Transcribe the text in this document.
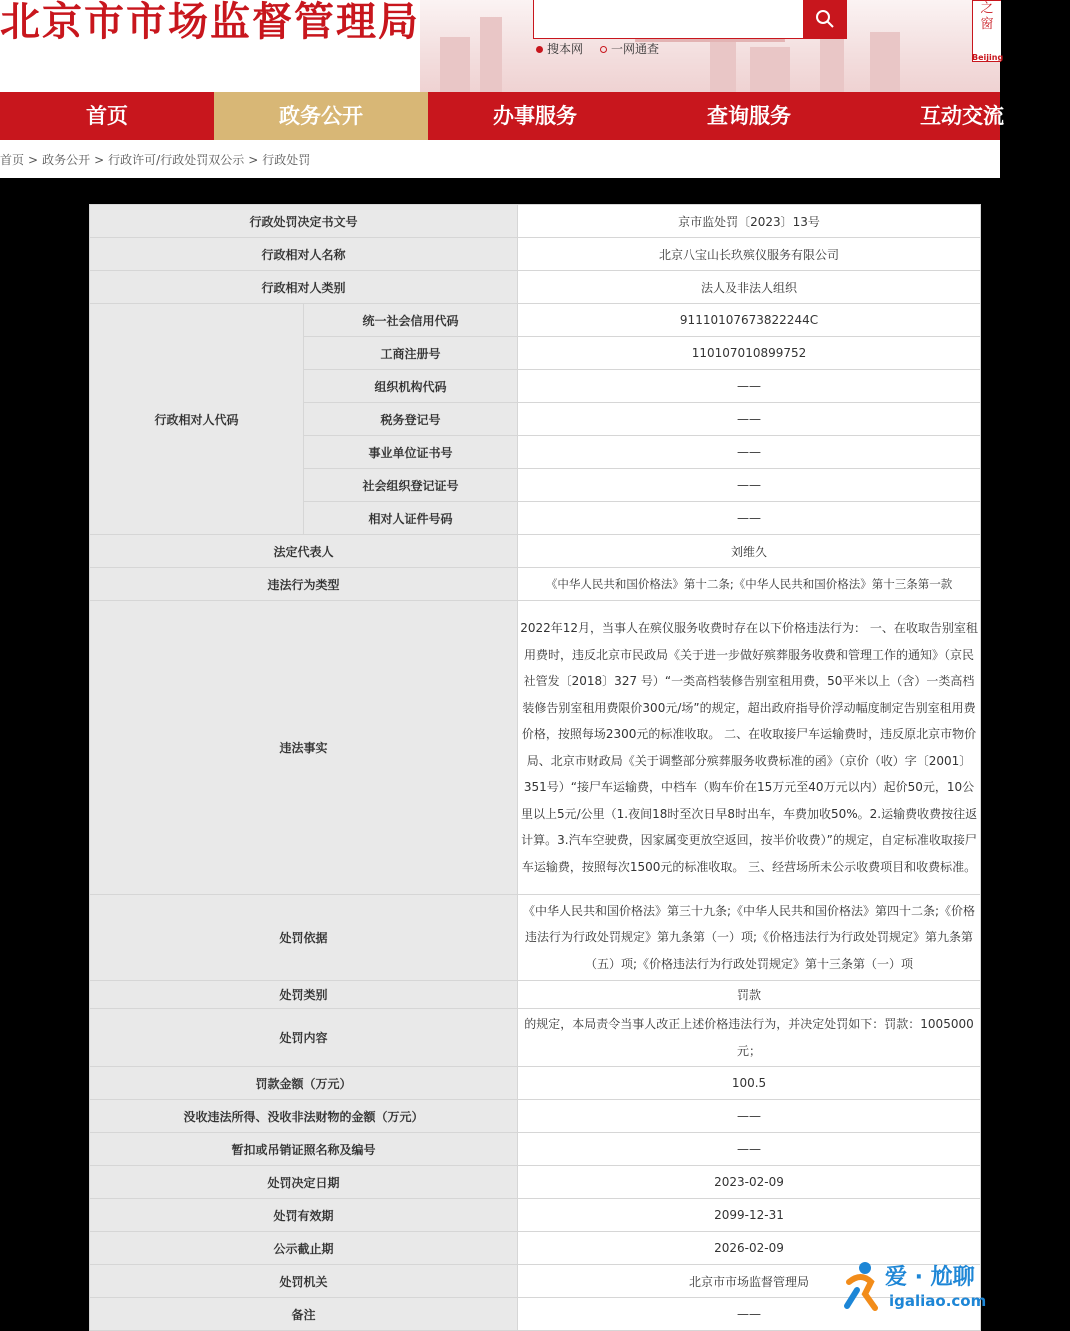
北京市市场监督管理局
搜本网	一网通查
之
窗
Beijing
首页	政务公开	办事服务	查询服务	互动交流
首页 > 政务公开 > 行政许可/行政处罚双公示 > 行政处罚
行政处罚决定书文号		京市监处罚〔2023〕13号
行政相对人名称		北京八宝山长玖殡仪服务有限公司
行政相对人类别		法人及非法人组织
行政相对人代码	统一社会信用代码	91110107673822244C
	工商注册号	110107010899752
	组织机构代码	——
	税务登记号	——
	事业单位证书号	——
	社会组织登记证号	——
	相对人证件号码	——
法定代表人		刘维久
违法行为类型		《中华人民共和国价格法》第十二条;《中华人民共和国价格法》第十三条第一款
违法事实		2022年12月，当事人在殡仪服务收费时存在以下价格违法行为： 一、在收取告别室租用费时，违反北京市民政局《关于进一步做好殡葬服务收费和管理工作的通知》（京民社管发〔2018〕327 号）“一类高档装修告别室租用费，50平米以上（含）一类高档装修告别室租用费限价300元/场”的规定，超出政府指导价浮动幅度制定告别室租用费价格，按照每场2300元的标准收取。 二、在收取接尸车运输费时，违反原北京市物价局、北京市财政局《关于调整部分殡葬服务收费标准的函》（京价（收）字〔2001〕351号）“接尸车运输费，中档车（购车价在15万元至40万元以内）起价50元，10公里以上5元/公里（1.夜间18时至次日早8时出车，车费加收50%。2.运输费收费按往返计算。3.汽车空驶费，因家属变更放空返回，按半价收费）”的规定，自定标准收取接尸车运输费，按照每次1500元的标准收取。 三、经营场所未公示收费项目和收费标准。
处罚依据		《中华人民共和国价格法》第三十九条;《中华人民共和国价格法》第四十二条;《价格违法行为行政处罚规定》第九条第（一）项;《价格违法行为行政处罚规定》第九条第（五）项;《价格违法行为行政处罚规定》第十三条第（一）项
处罚类别		罚款
处罚内容		的规定，本局责令当事人改正上述价格违法行为，并决定处罚如下：罚款：1005000元；
罚款金额（万元）		100.5
没收违法所得、没收非法财物的金额（万元）		——
暂扣或吊销证照名称及编号		——
处罚决定日期		2023-02-09
处罚有效期		2099-12-31
公示截止期		2026-02-09
处罚机关		北京市市场监督管理局
备注		——
爱 · 尬聊
igaliao.com
